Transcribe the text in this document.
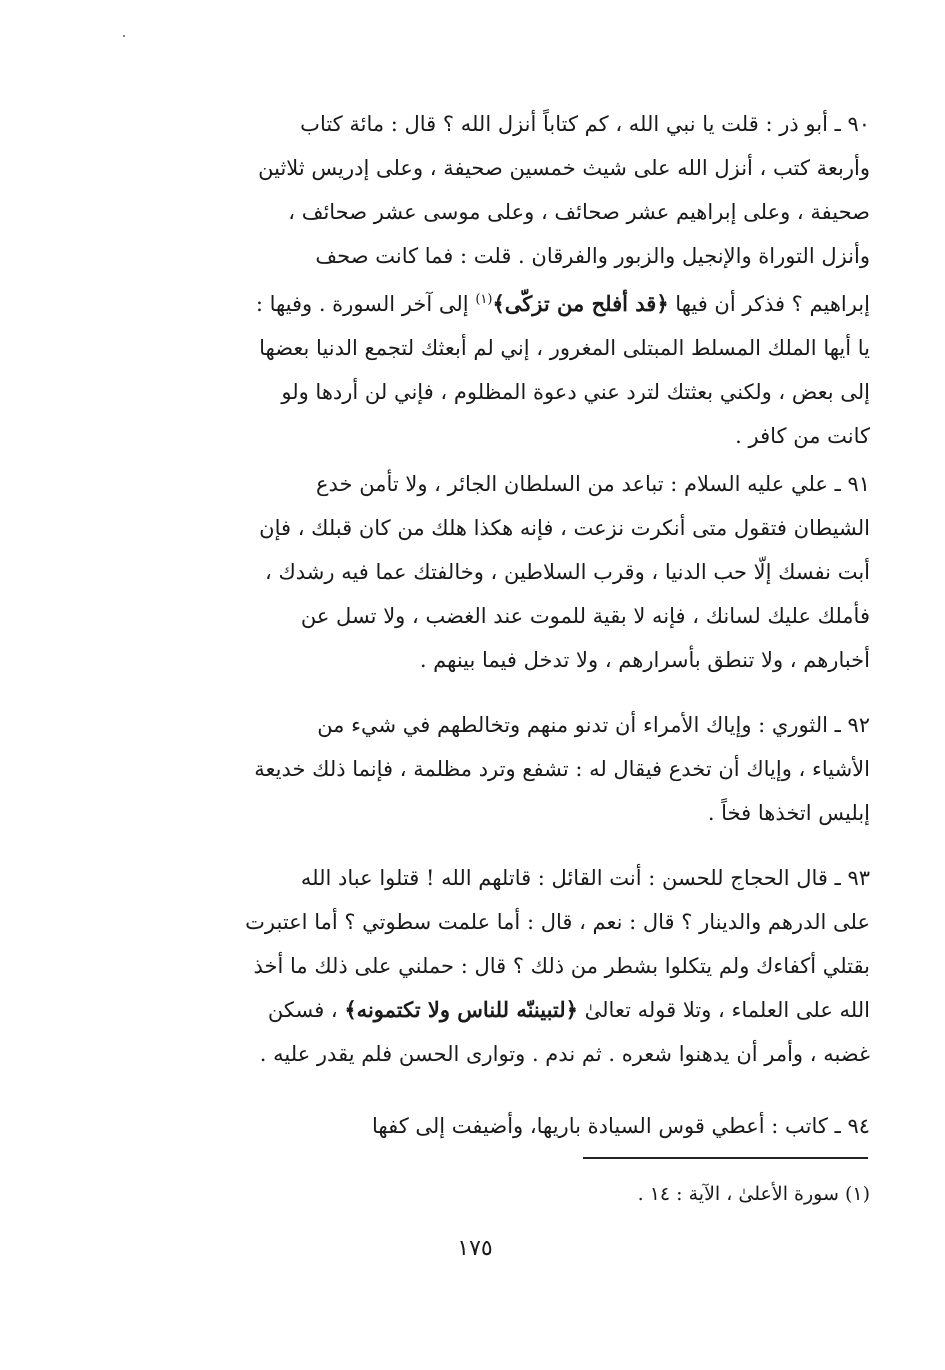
٩٠ ـ أبو ذر : قلت يا نبي الله ، كم كتاباً أنزل الله ؟ قال : مائة كتاب
وأربعة كتب ، أنزل الله على شيث خمسين صحيفة ، وعلى إدريس ثلاثين
صحيفة ، وعلى إبراهيم عشر صحائف ، وعلى موسى عشر صحائف ،
وأنزل التوراة والإنجيل والزبور والفرقان . قلت : فما كانت صحف
إبراهيم ؟ فذكر أن فيها ﴿قد أفلح من تزكّى﴾$^{(١)}$ إلى آخر السورة . وفيها :
يا أيها الملك المسلط المبتلى المغرور ، إني لم أبعثك لتجمع الدنيا بعضها
إلى بعض ، ولكني بعثتك لترد عني دعوة المظلوم ، فإني لن أردها ولو
كانت من كافر .
٩١ ـ علي عليه السلام : تباعد من السلطان الجائر ، ولا تأمن خدع
الشيطان فتقول متى أنكرت نزعت ، فإنه هكذا هلك من كان قبلك ، فإن
أبت نفسك إلّا حب الدنيا ، وقرب السلاطين ، وخالفتك عما فيه رشدك ،
فأملك عليك لسانك ، فإنه لا بقية للموت عند الغضب ، ولا تسل عن
أخبارهم ، ولا تنطق بأسرارهم ، ولا تدخل فيما بينهم .
٩٢ ـ الثوري : وإياك الأمراء أن تدنو منهم وتخالطهم في شيء من
الأشياء ، وإياك أن تخدع فيقال له : تشفع وترد مظلمة ، فإنما ذلك خديعة
إبليس اتخذها فخاً .
٩٣ ـ قال الحجاج للحسن : أنت القائل : قاتلهم الله ! قتلوا عباد الله
على الدرهم والدينار ؟ قال : نعم ، قال : أما علمت سطوتي ؟ أما اعتبرت
بقتلي أكفاءك ولم يتكلوا بشطر من ذلك ؟ قال : حملني على ذلك ما أخذ
الله على العلماء ، وتلا قوله تعالىٰ ﴿لتبيننّه للناس ولا تكتمونه﴾ ، فسكن
غضبه ، وأمر أن يدهنوا شعره . ثم ندم . وتوارى الحسن فلم يقدر عليه .
٩٤ ـ كاتب : أعطي قوس السيادة باريها، وأضيفت إلى كفها
(١) سورة الأعلىٰ ، الآية : ١٤ .
١٧٥
